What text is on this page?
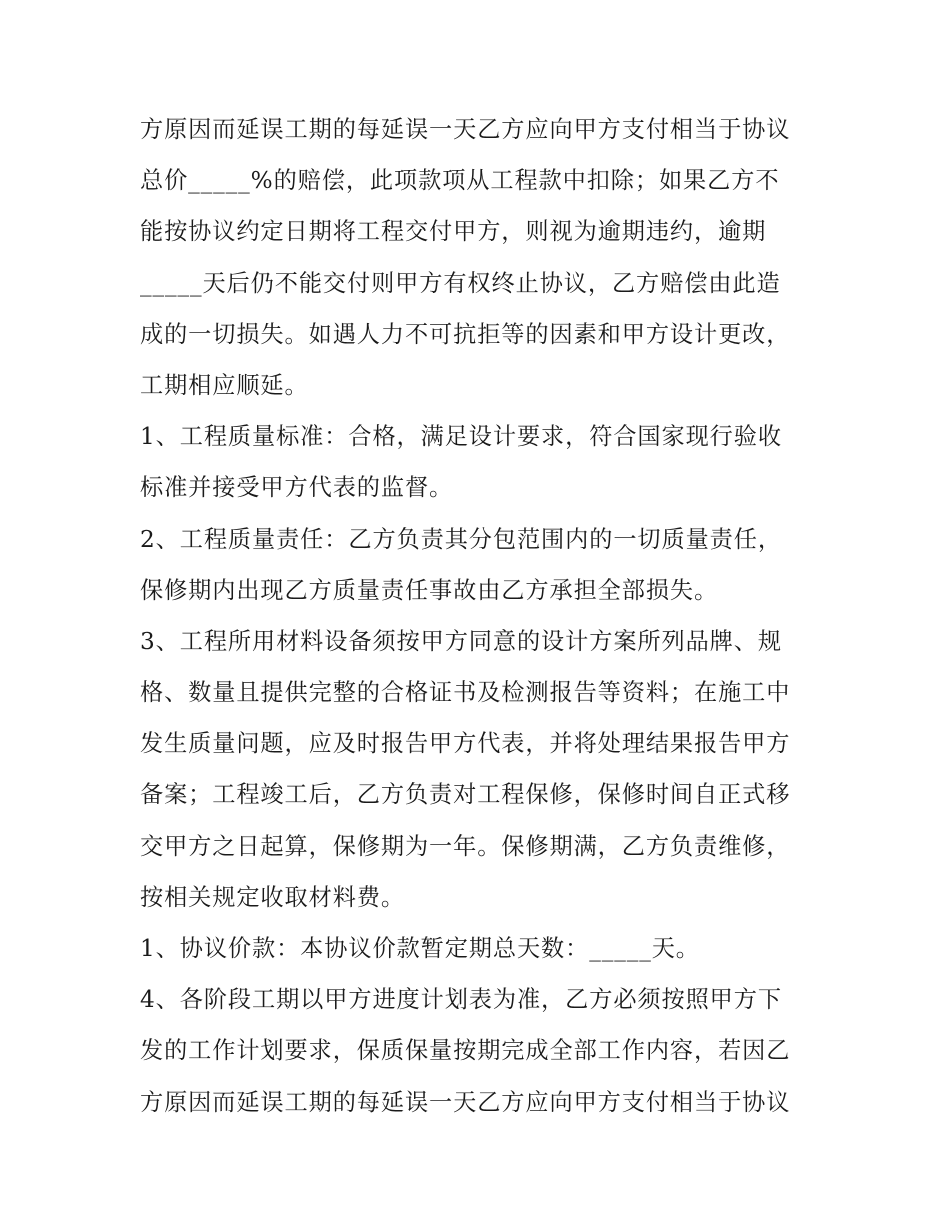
方原因而延误工期的每延误一天乙方应向甲方支付相当于协议
总价_____%的赔偿，此项款项从工程款中扣除；如果乙方不
能按协议约定日期将工程交付甲方，则视为逾期违约，逾期
_____天后仍不能交付则甲方有权终止协议，乙方赔偿由此造
成的一切损失。如遇人力不可抗拒等的因素和甲方设计更改，
工期相应顺延。
1、工程质量标准：合格，满足设计要求，符合国家现行验收
标准并接受甲方代表的监督。
2、工程质量责任：乙方负责其分包范围内的一切质量责任，
保修期内出现乙方质量责任事故由乙方承担全部损失。
3、工程所用材料设备须按甲方同意的设计方案所列品牌、规
格、数量且提供完整的合格证书及检测报告等资料；在施工中
发生质量问题，应及时报告甲方代表，并将处理结果报告甲方
备案；工程竣工后，乙方负责对工程保修，保修时间自正式移
交甲方之日起算，保修期为一年。保修期满，乙方负责维修，
按相关规定收取材料费。
1、协议价款：本协议价款暂定期总天数：_____天。
4、各阶段工期以甲方进度计划表为准，乙方必须按照甲方下
发的工作计划要求，保质保量按期完成全部工作内容，若因乙
方原因而延误工期的每延误一天乙方应向甲方支付相当于协议
